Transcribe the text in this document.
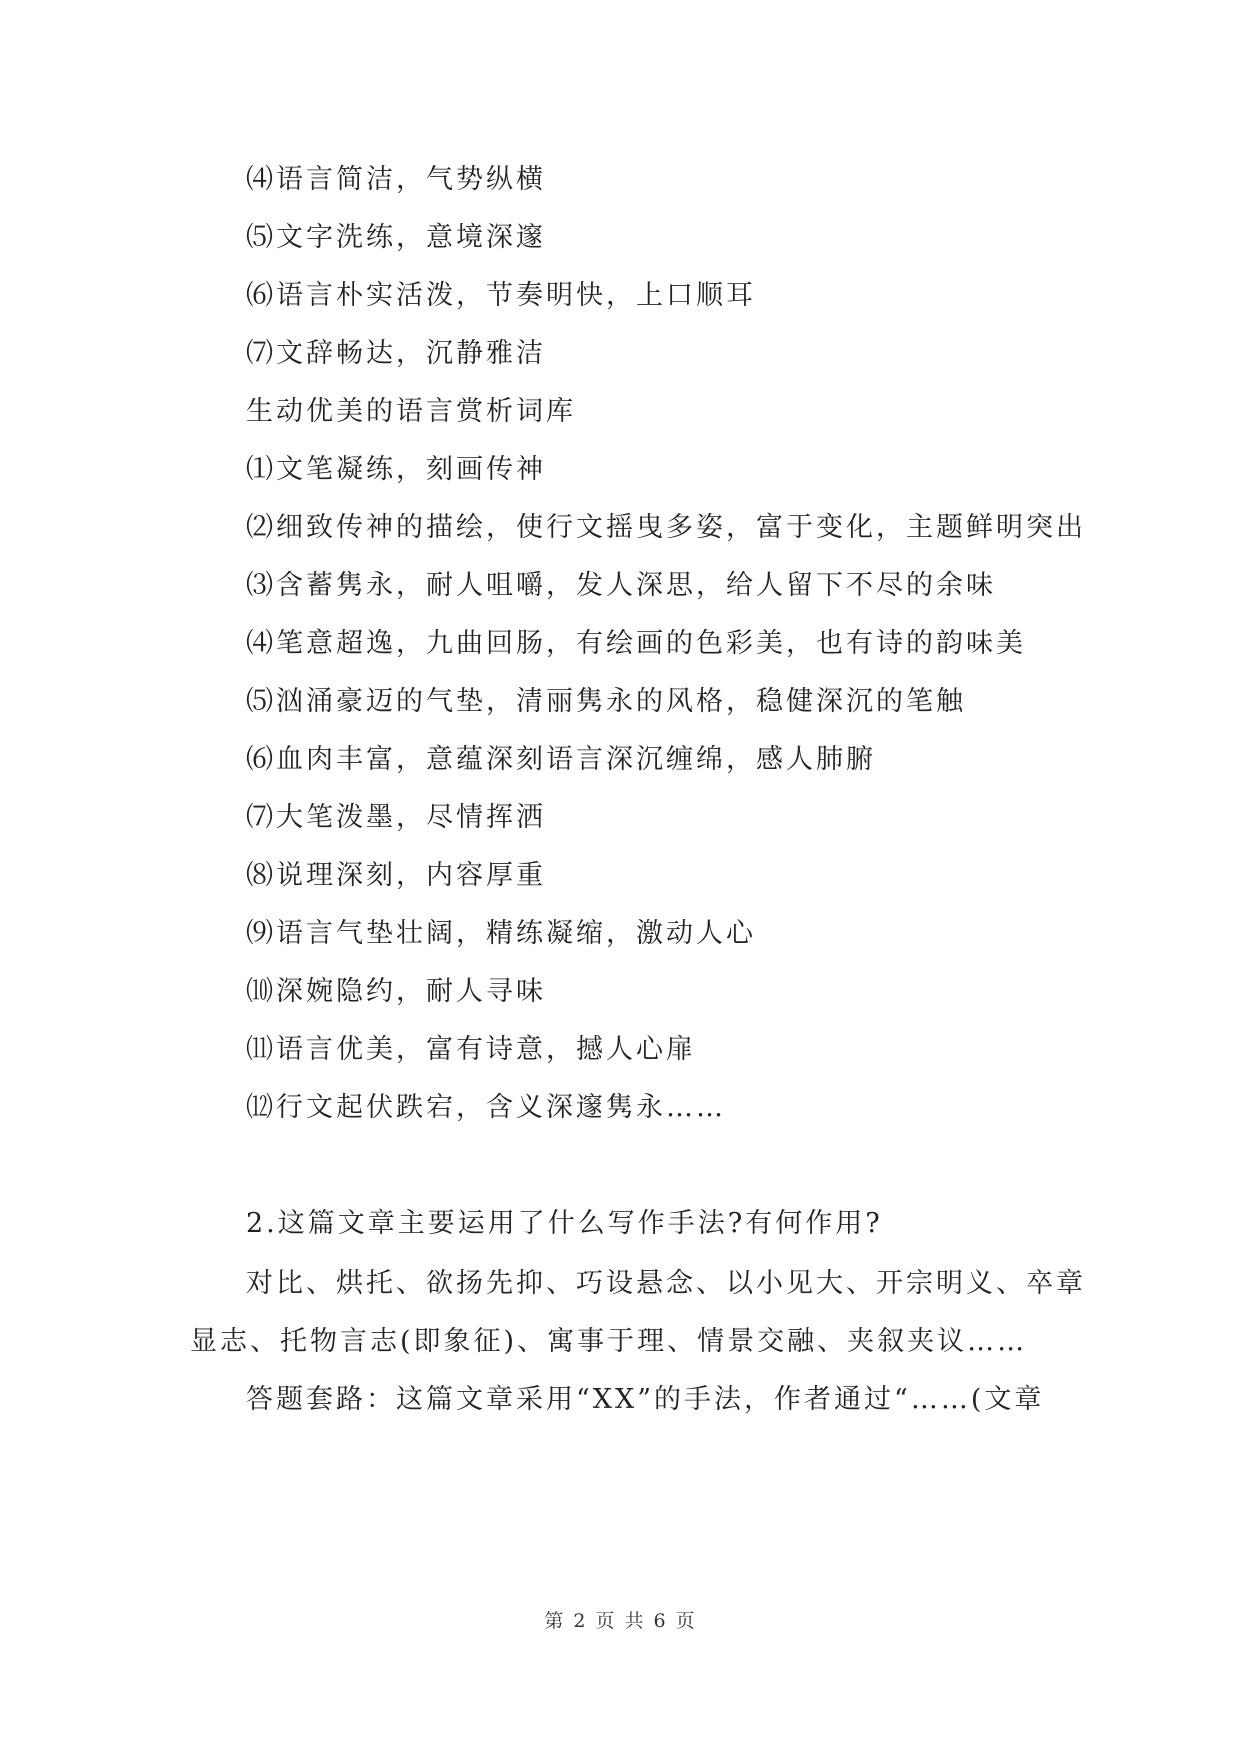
⑷语言简洁，气势纵横
⑸文字洗练，意境深邃
⑹语言朴实活泼，节奏明快，上口顺耳
⑺文辞畅达，沉静雅洁
生动优美的语言赏析词库
⑴文笔凝练，刻画传神
⑵细致传神的描绘，使行文摇曳多姿，富于变化，主题鲜明突出
⑶含蓄隽永，耐人咀嚼，发人深思，给人留下不尽的余味
⑷笔意超逸，九曲回肠，有绘画的色彩美，也有诗的韵味美
⑸汹涌豪迈的气垫，清丽隽永的风格，稳健深沉的笔触
⑹血肉丰富，意蕴深刻语言深沉缠绵，感人肺腑
⑺大笔泼墨，尽情挥洒
⑻说理深刻，内容厚重
⑼语言气垫壮阔，精练凝缩，激动人心
⑽深婉隐约，耐人寻味
⑾语言优美，富有诗意，撼人心扉
⑿行文起伏跌宕，含义深邃隽永……
2.这篇文章主要运用了什么写作手法?有何作用?
对比、烘托、欲扬先抑、巧设悬念、以小见大、开宗明义、卒章
显志、托物言志(即象征)、寓事于理、情景交融、夹叙夹议……
答题套路：这篇文章采用“XX”的手法，作者通过“……(文章
第 2 页 共 6 页
